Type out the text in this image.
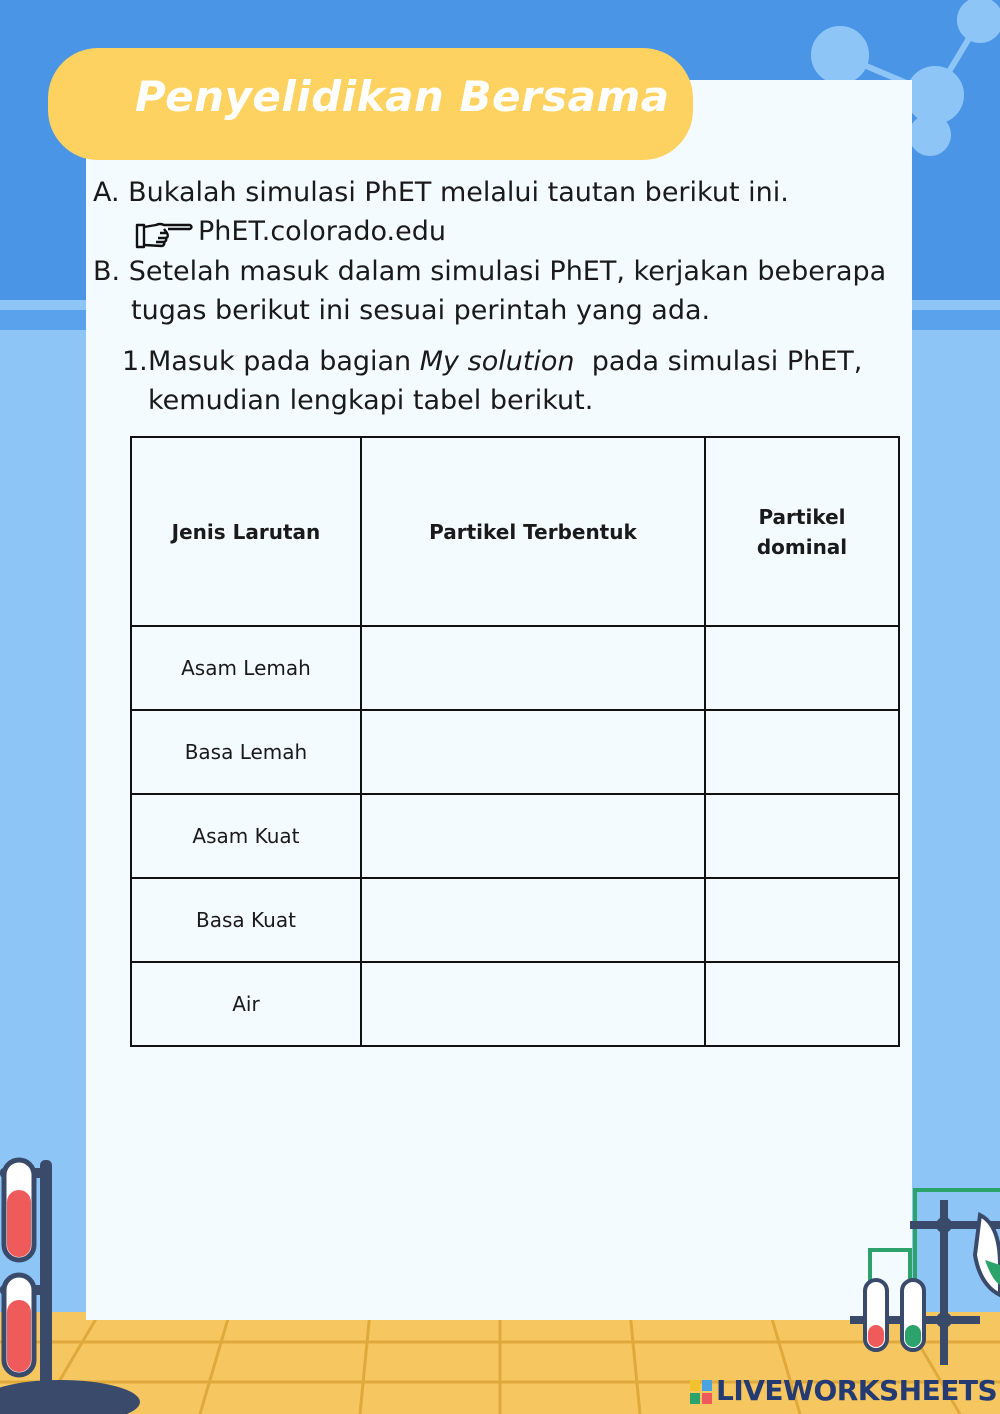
Penyelidikan Bersama
A. Bukalah simulasi PhET melalui tautan berikut ini.
PhET.colorado.edu
B. Setelah masuk dalam simulasi PhET, kerjakan beberapa
tugas berikut ini sesuai perintah yang ada.
1. Masuk pada bagian My solution  pada simulasi PhET,
kemudian lengkapi tabel berikut.
Jenis Larutan	Partikel Terbentuk	Partikel dominal

Asam Lemah		
Basa Lemah		
Asam Kuat		
Basa Kuat		
Air		
LIVEWORKSHEETS
